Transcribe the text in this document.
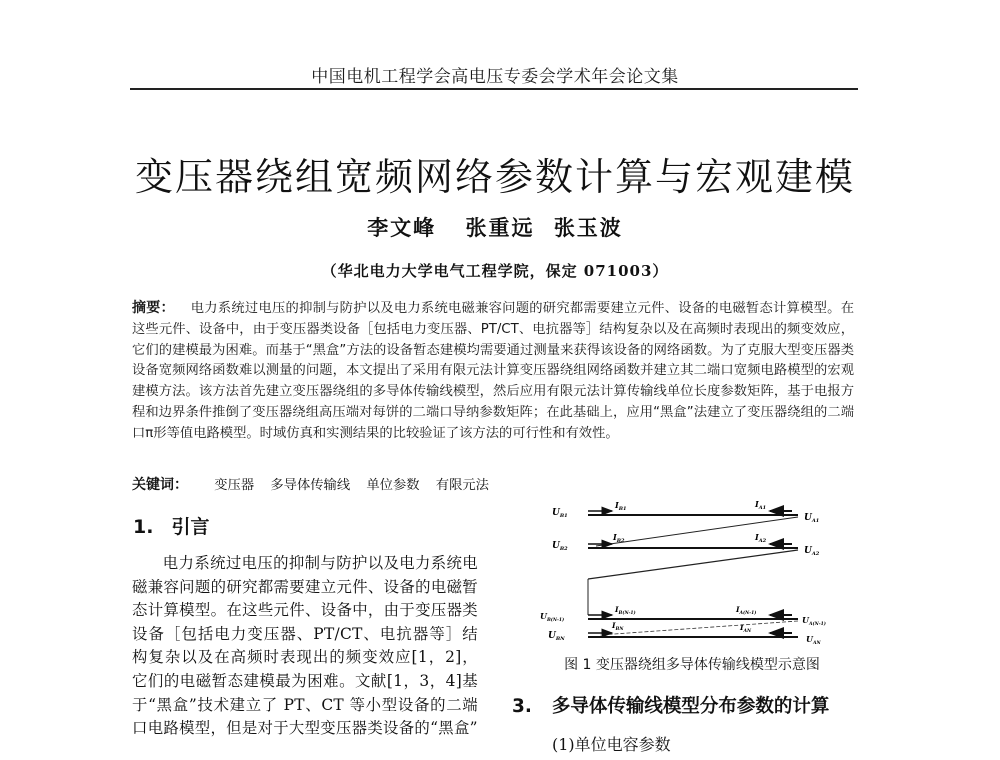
中国电机工程学会高电压专委会学术年会论文集
变压器绕组宽频网络参数计算与宏观建模
李文峰 张重远 张玉波
（华北电力大学电气工程学院，保定 071003）
摘要： 电力系统过电压的抑制与防护以及电力系统电磁兼容问题的研究都需要建立元件、设备的电磁暂态计算模型。在这些元件、设备中，由于变压器类设备［包括电力变压器、PT/CT、电抗器等］结构复杂以及在高频时表现出的频变效应，它们的建模最为困难。而基于“黑盒”方法的设备暂态建模均需要通过测量来获得该设备的网络函数。为了克服大型变压器类设备宽频网络函数难以测量的问题，本文提出了采用有限元法计算变压器绕组网络函数并建立其二端口宽频电路模型的宏观建模方法。该方法首先建立变压器绕组的多导体传输线模型，然后应用有限元法计算传输线单位长度参数矩阵，基于电报方程和边界条件推倒了变压器绕组高压端对每饼的二端口导纳参数矩阵；在此基础上，应用“黑盒”法建立了变压器绕组的二端口π形等值电路模型。时域仿真和实测结果的比较验证了该方法的可行性和有效性。
关键词： 变压器 多导体传输线 单位参数 有限元法
1. 引言

电力系统过电压的抑制与防护以及电力系统电磁兼容问题的研究都需要建立元件、设备的电磁暂态计算模型。在这些元件、设备中，由于变压器类设备［包括电力变压器、PT/CT、电抗器等］结构复杂以及在高频时表现出的频变效应[1，2]，它们的电磁暂态建模最为困难。文献[1，3，4]基于“黑盒”技术建立了 PT、CT 等小型设备的二端口电路模型，但是对于大型变压器类设备的“黑盒”

$U_{B1}$
$I_{B1}$	$I_{A1}$
$U_{A1}$
$U_{B2}$
$I_{B2}$	$I_{A2}$
$U_{A2}$
$U_{B(N-1)}$
$I_{B(N-1)}$	$I_{A(N-1)}$
$U_{A(N-1)}$
$U_{BN}$
$I_{BN}$	$I_{AN}$
$U_{AN}$
图 1 变压器绕组多导体传输线模型示意图
3. 多导体传输线模型分布参数的计算
(1)单位电容参数
